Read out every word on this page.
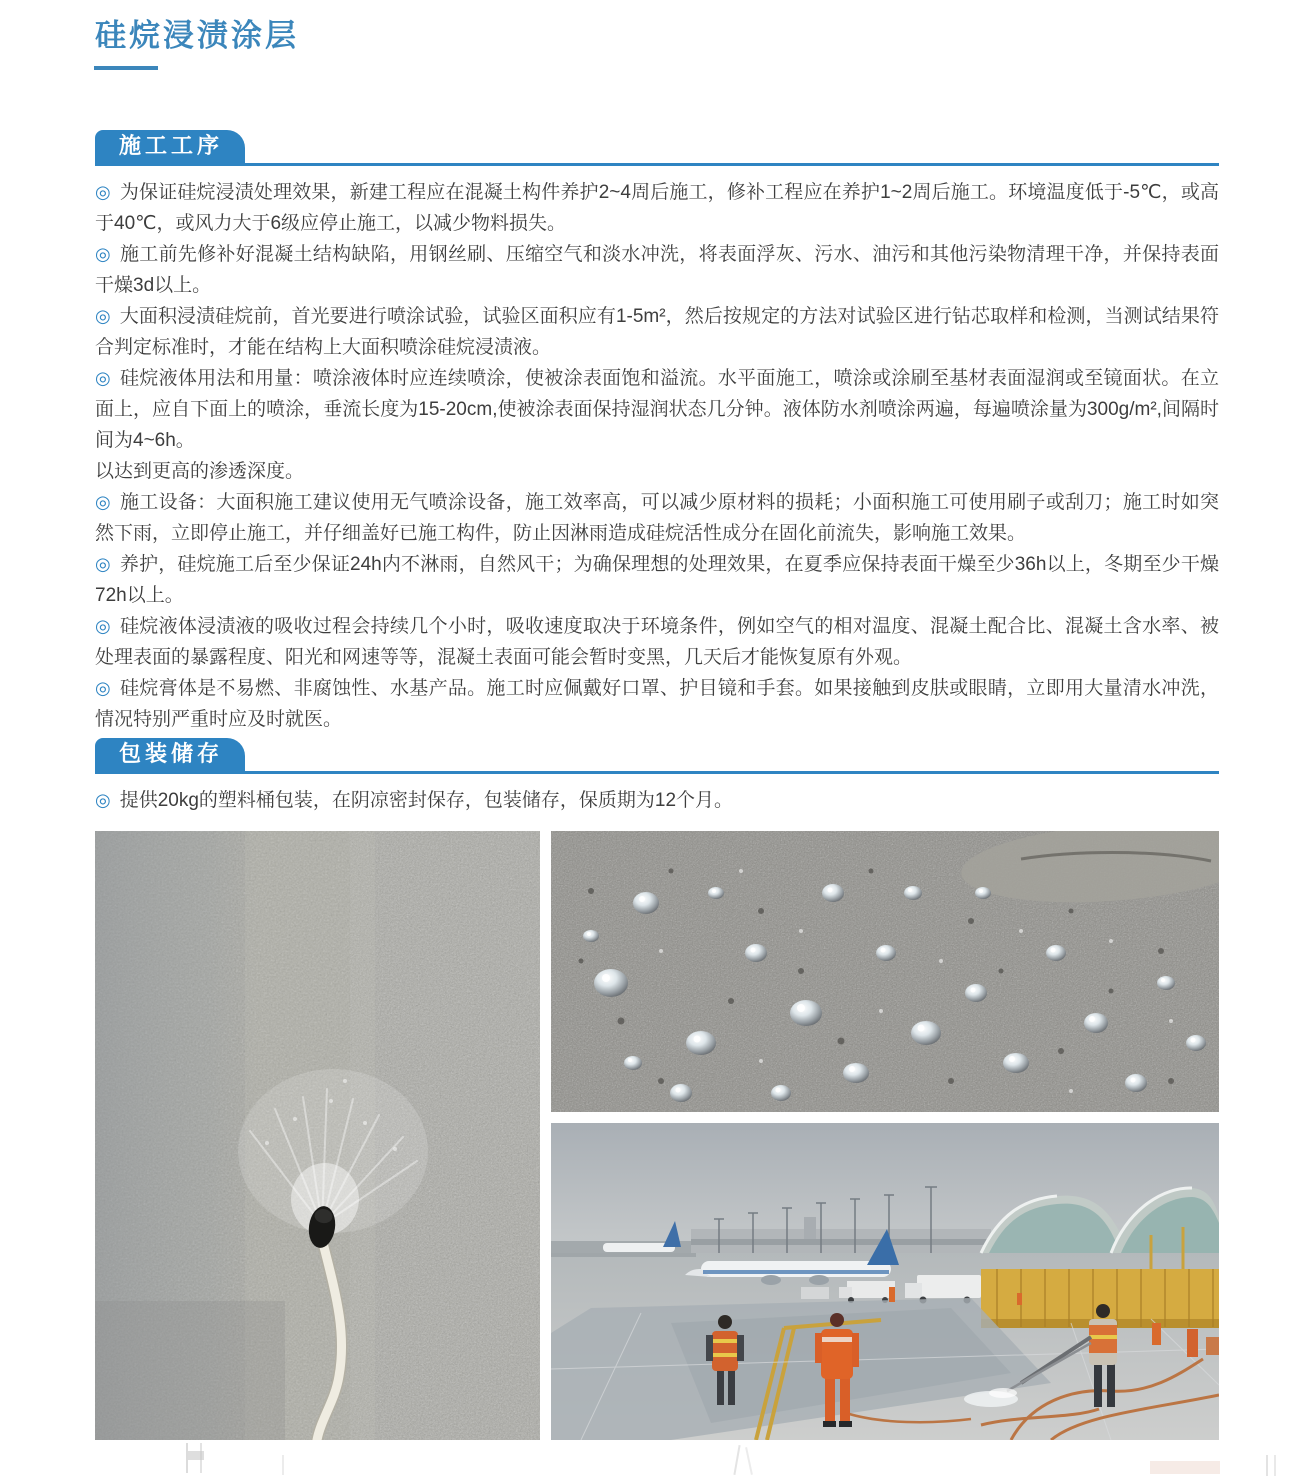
硅烷浸渍涂层
施工工序

◎ 为保证硅烷浸渍处理效果，新建工程应在混凝土构件养护2~4周后施工，修补工程应在养护1~2周后施工。环境温度低于-5℃，或高于40℃，或风力大于6级应停止施工，以减少物料损失。

◎ 施工前先修补好混凝土结构缺陷，用钢丝刷、压缩空气和淡水冲洗，将表面浮灰、污水、油污和其他污染物清理干净，并保持表面干燥3d以上。

◎ 大面积浸渍硅烷前，首光要进行喷涂试验，试验区面积应有1-5m²，然后按规定的方法对试验区进行钻芯取样和检测，当测试结果符合判定标准时，才能在结构上大面积喷涂硅烷浸渍液。

◎ 硅烷液体用法和用量：喷涂液体时应连续喷涂，使被涂表面饱和溢流。水平面施工，喷涂或涂刷至基材表面湿润或至镜面状。在立面上，应自下面上的喷涂，垂流长度为15-20cm,使被涂表面保持湿润状态几分钟。液体防水剂喷涂两遍，每遍喷涂量为300g/m²,间隔时间为4~6h。

以达到更高的渗透深度。

◎ 施工设备：大面积施工建议使用无气喷涂设备，施工效率高，可以减少原材料的损耗；小面积施工可使用刷子或刮刀；施工时如突然下雨，立即停止施工，并仔细盖好已施工构件，防止因淋雨造成硅烷活性成分在固化前流失，影响施工效果。

◎ 养护，硅烷施工后至少保证24h内不淋雨，自然风干；为确保理想的处理效果，在夏季应保持表面干燥至少36h以上，冬期至少干燥72h以上。

◎ 硅烷液体浸渍液的吸收过程会持续几个小时，吸收速度取决于环境条件，例如空气的相对温度、混凝土配合比、混凝土含水率、被处理表面的暴露程度、阳光和网速等等，混凝土表面可能会暂时变黑，几天后才能恢复原有外观。

◎ 硅烷膏体是不易燃、非腐蚀性、水基产品。施工时应佩戴好口罩、护目镜和手套。如果接触到皮肤或眼睛，立即用大量清水冲洗，情况特别严重时应及时就医。

包装储存

◎ 提供20kg的塑料桶包装，在阴凉密封保存，包装储存，保质期为12个月。
